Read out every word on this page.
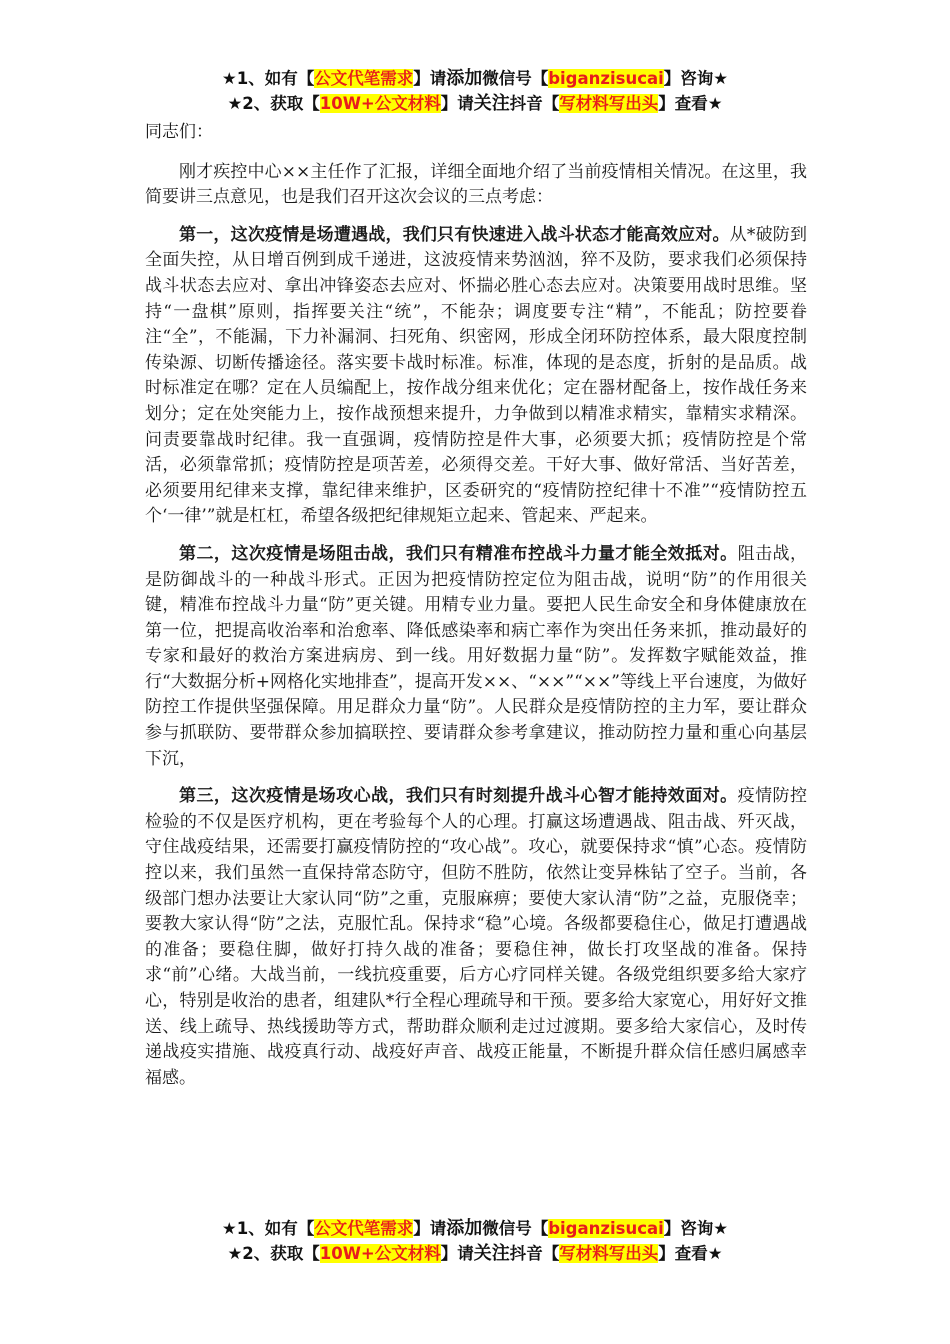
★1、如有【公文代笔需求】请添加微信号【biganzisucai】咨询★
★2、获取【10W+公文材料】请关注抖音【写材料写出头】查看★

同志们：

刚才疾控中心××主任作了汇报，详细全面地介绍了当前疫情相关情况。在这里，我简要讲三点意见，也是我们召开这次会议的三点考虑：

第一，这次疫情是场遭遇战，我们只有快速进入战斗状态才能高效应对。从*破防到全面失控，从日增百例到成千递进，这波疫情来势汹汹，猝不及防，要求我们必须保持战斗状态去应对、拿出冲锋姿态去应对、怀揣必胜心态去应对。决策要用战时思维。坚持“一盘棋”原则，指挥要关注“统”，不能杂；调度要专注“精”，不能乱；防控要眷注“全”，不能漏，下力补漏洞、扫死角、织密网，形成全闭环防控体系，最大限度控制传染源、切断传播途径。落实要卡战时标准。标准，体现的是态度，折射的是品质。战时标准定在哪？定在人员编配上，按作战分组来优化；定在器材配备上，按作战任务来划分；定在处突能力上，按作战预想来提升，力争做到以精准求精实，靠精实求精深。问责要靠战时纪律。我一直强调，疫情防控是件大事，必须要大抓；疫情防控是个常活，必须靠常抓；疫情防控是项苦差，必须得交差。干好大事、做好常活、当好苦差，必须要用纪律来支撑，靠纪律来维护，区委研究的“疫情防控纪律十不准”“疫情防控五个‘一律’”就是杠杠，希望各级把纪律规矩立起来、管起来、严起来。

第二，这次疫情是场阻击战，我们只有精准布控战斗力量才能全效抵对。阻击战，是防御战斗的一种战斗形式。正因为把疫情防控定位为阻击战，说明“防”的作用很关键，精准布控战斗力量“防”更关键。用精专业力量。要把人民生命安全和身体健康放在第一位，把提高收治率和治愈率、降低感染率和病亡率作为突出任务来抓，推动最好的专家和最好的救治方案进病房、到一线。用好数据力量“防”。发挥数字赋能效益，推行“大数据分析+网格化实地排查”，提高开发××、“××”“××”等线上平台速度，为做好防控工作提供坚强保障。用足群众力量“防”。人民群众是疫情防控的主力军，要让群众参与抓联防、要带群众参加搞联控、要请群众参考拿建议，推动防控力量和重心向基层下沉，

第三，这次疫情是场攻心战，我们只有时刻提升战斗心智才能持效面对。疫情防控检验的不仅是医疗机构，更在考验每个人的心理。打赢这场遭遇战、阻击战、歼灭战，守住战疫结果，还需要打赢疫情防控的“攻心战”。攻心，就要保持求“慎”心态。疫情防控以来，我们虽然一直保持常态防守，但防不胜防，依然让变异株钻了空子。当前，各级部门想办法要让大家认同“防”之重，克服麻痹；要使大家认清“防”之益，克服侥幸；要教大家认得“防”之法，克服忙乱。保持求“稳”心境。各级都要稳住心，做足打遭遇战的准备；要稳住脚，做好打持久战的准备；要稳住神，做长打攻坚战的准备。保持求“前”心绪。大战当前，一线抗疫重要，后方心疗同样关键。各级党组织要多给大家疗心，特别是收治的患者，组建队*行全程心理疏导和干预。要多给大家宽心，用好好文推送、线上疏导、热线援助等方式，帮助群众顺利走过过渡期。要多给大家信心，及时传递战疫实措施、战疫真行动、战疫好声音、战疫正能量，不断提升群众信任感归属感幸福感。

★1、如有【公文代笔需求】请添加微信号【biganzisucai】咨询★
★2、获取【10W+公文材料】请关注抖音【写材料写出头】查看★
